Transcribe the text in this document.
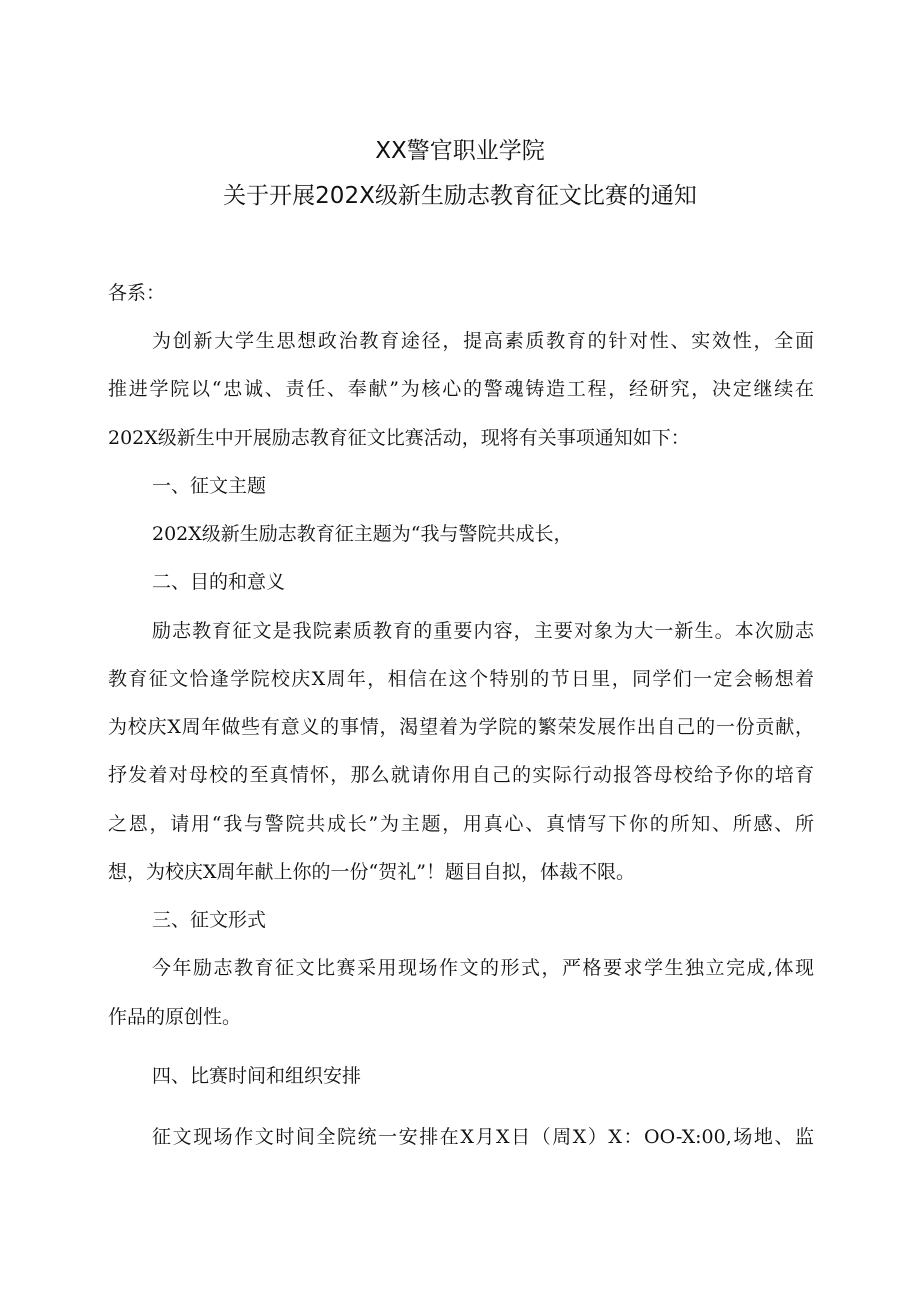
XX警官职业学院
关于开展202X级新生励志教育征文比赛的通知
各系：
为创新大学生思想政治教育途径，提高素质教育的针对性、实效性，全面
推进学院以“忠诚、责任、奉献”为核心的警魂铸造工程，经研究，决定继续在
202X级新生中开展励志教育征文比赛活动，现将有关事项通知如下：
一、征文主题
202X级新生励志教育征主题为“我与警院共成长，
二、目的和意义
励志教育征文是我院素质教育的重要内容，主要对象为大一新生。本次励志
教育征文恰逢学院校庆X周年，相信在这个特别的节日里，同学们一定会畅想着
为校庆X周年做些有意义的事情，渴望着为学院的繁荣发展作出自己的一份贡献，
抒发着对母校的至真情怀，那么就请你用自己的实际行动报答母校给予你的培育
之恩，请用“我与警院共成长”为主题，用真心、真情写下你的所知、所感、所
想，为校庆X周年献上你的一份“贺礼”！题目自拟，体裁不限。
三、征文形式
今年励志教育征文比赛采用现场作文的形式，严格要求学生独立完成,体现
作品的原创性。
四、比赛时间和组织安排
征文现场作文时间全院统一安排在X月X日（周X）X：OO-X:00,场地、监
